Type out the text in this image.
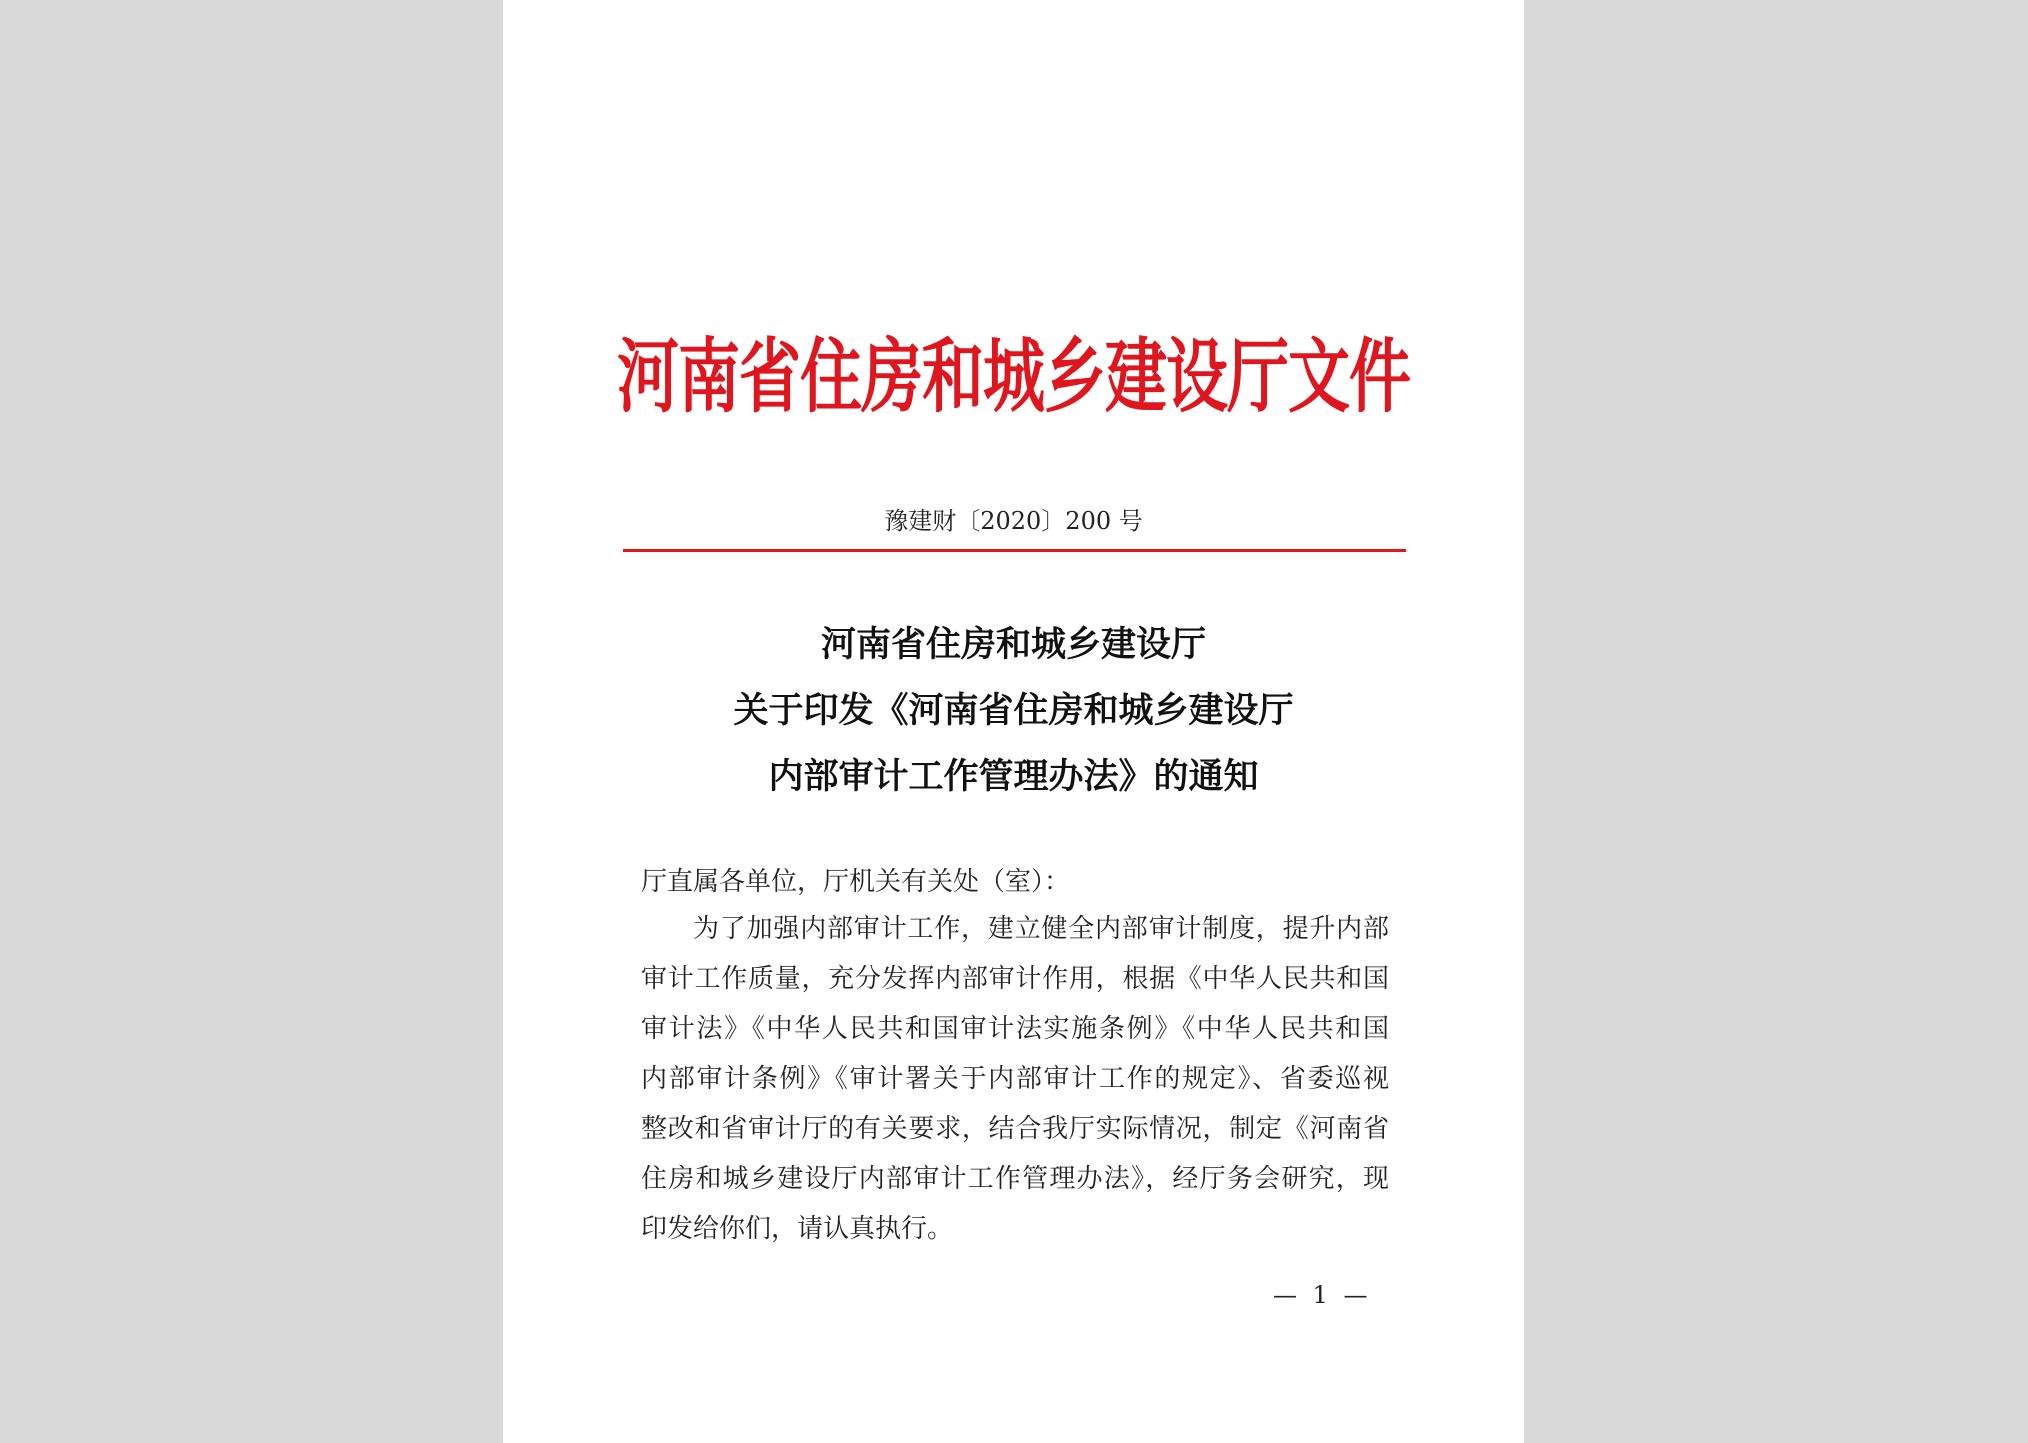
河南省住房和城乡建设厅文件
豫建财〔2020〕200 号
河南省住房和城乡建设厅
关于印发《河南省住房和城乡建设厅
内部审计工作管理办法》的通知
厅直属各单位，厅机关有关处（室）：
为了加强内部审计工作，建立健全内部审计制度，提升内部
审计工作质量，充分发挥内部审计作用，根据《中华人民共和国
审计法》《中华人民共和国审计法实施条例》《中华人民共和国
内部审计条例》《审计署关于内部审计工作的规定》、省委巡视
整改和省审计厅的有关要求，结合我厅实际情况，制定《河南省
住房和城乡建设厅内部审计工作管理办法》，经厅务会研究，现
印发给你们，请认真执行。
— 1 —
